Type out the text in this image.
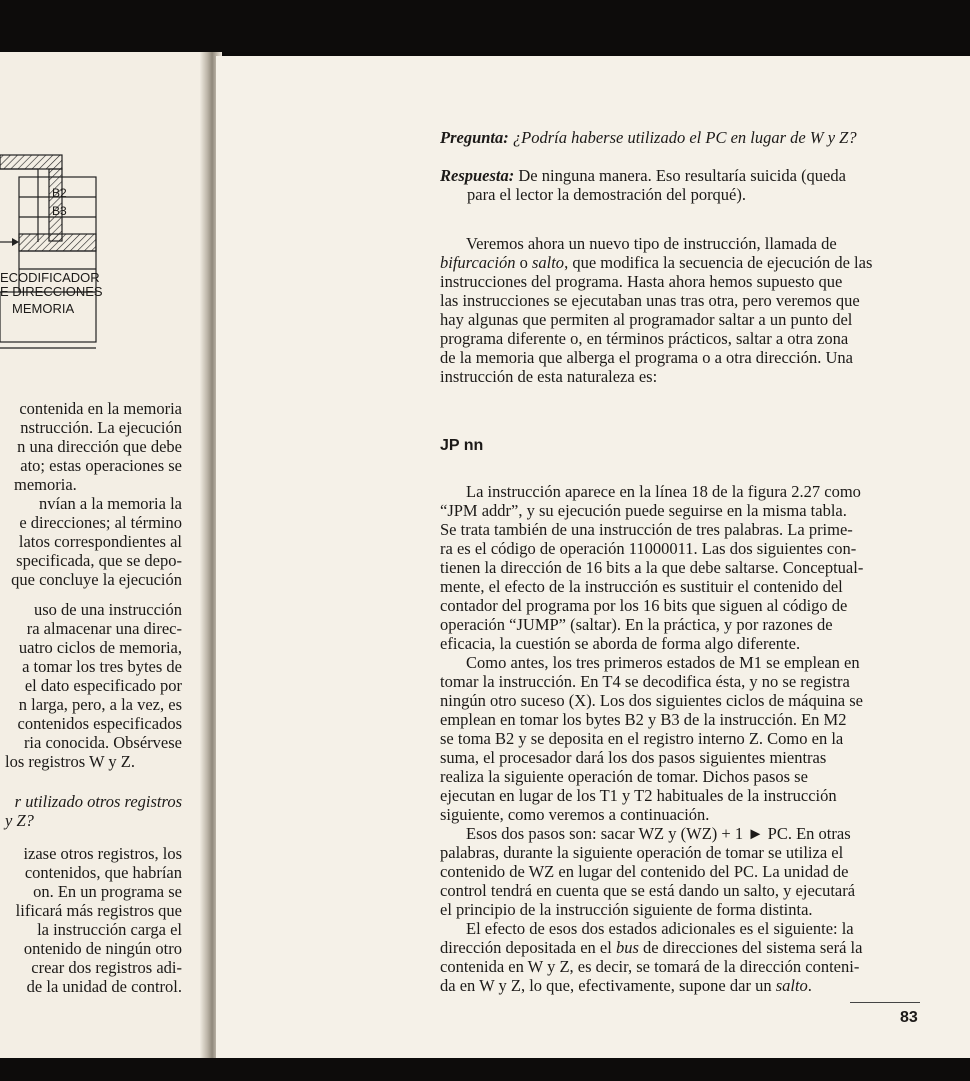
B2
B3
ECODIFICADOR
E DIRECCIONES
MEMORIA
contenida en la memoria
nstrucción. La ejecución
n una dirección que debe
ato; estas operaciones se
memoria.
nvían a la memoria la
e direcciones; al término
latos correspondientes al
specificada, que se depo-
que concluye la ejecución
uso de una instrucción
ra almacenar una direc-
uatro ciclos de memoria,
a tomar los tres bytes de
el dato especificado por
n larga, pero, a la vez, es
contenidos especificados
ria conocida. Obsérvese
los registros W y Z.
r utilizado otros registros
y Z?
izase otros registros, los
contenidos, que habrían
on. En un programa se
lificará más registros que
la instrucción carga el
ontenido de ningún otro
crear dos registros adi-
de la unidad de control.
Pregunta: ¿Podría haberse utilizado el PC en lugar de W y Z?
Respuesta: De ninguna manera. Eso resultaría suicida (queda
para el lector la demostración del porqué).
Veremos ahora un nuevo tipo de instrucción, llamada de
bifurcación o salto, que modifica la secuencia de ejecución de las
instrucciones del programa. Hasta ahora hemos supuesto que
las instrucciones se ejecutaban unas tras otra, pero veremos que
hay algunas que permiten al programador saltar a un punto del
programa diferente o, en términos prácticos, saltar a otra zona
de la memoria que alberga el programa o a otra dirección. Una
instrucción de esta naturaleza es:
JP nn
La instrucción aparece en la línea 18 de la figura 2.27 como
“JPM addr”, y su ejecución puede seguirse en la misma tabla.
Se trata también de una instrucción de tres palabras. La prime-
ra es el código de operación 11000011. Las dos siguientes con-
tienen la dirección de 16 bits a la que debe saltarse. Conceptual-
mente, el efecto de la instrucción es sustituir el contenido del
contador del programa por los 16 bits que siguen al código de
operación “JUMP” (saltar). En la práctica, y por razones de
eficacia, la cuestión se aborda de forma algo diferente.
Como antes, los tres primeros estados de M1 se emplean en
tomar la instrucción. En T4 se decodifica ésta, y no se registra
ningún otro suceso (X). Los dos siguientes ciclos de máquina se
emplean en tomar los bytes B2 y B3 de la instrucción. En M2
se toma B2 y se deposita en el registro interno Z. Como en la
suma, el procesador dará los dos pasos siguientes mientras
realiza la siguiente operación de tomar. Dichos pasos se
ejecutan en lugar de los T1 y T2 habituales de la instrucción
siguiente, como veremos a continuación.
Esos dos pasos son: sacar WZ y (WZ) + 1 ► PC. En otras
palabras, durante la siguiente operación de tomar se utiliza el
contenido de WZ en lugar del contenido del PC. La unidad de
control tendrá en cuenta que se está dando un salto, y ejecutará
el principio de la instrucción siguiente de forma distinta.
El efecto de esos dos estados adicionales es el siguiente: la
dirección depositada en el bus de direcciones del sistema será la
contenida en W y Z, es decir, se tomará de la dirección conteni-
da en W y Z, lo que, efectivamente, supone dar un salto.
83
